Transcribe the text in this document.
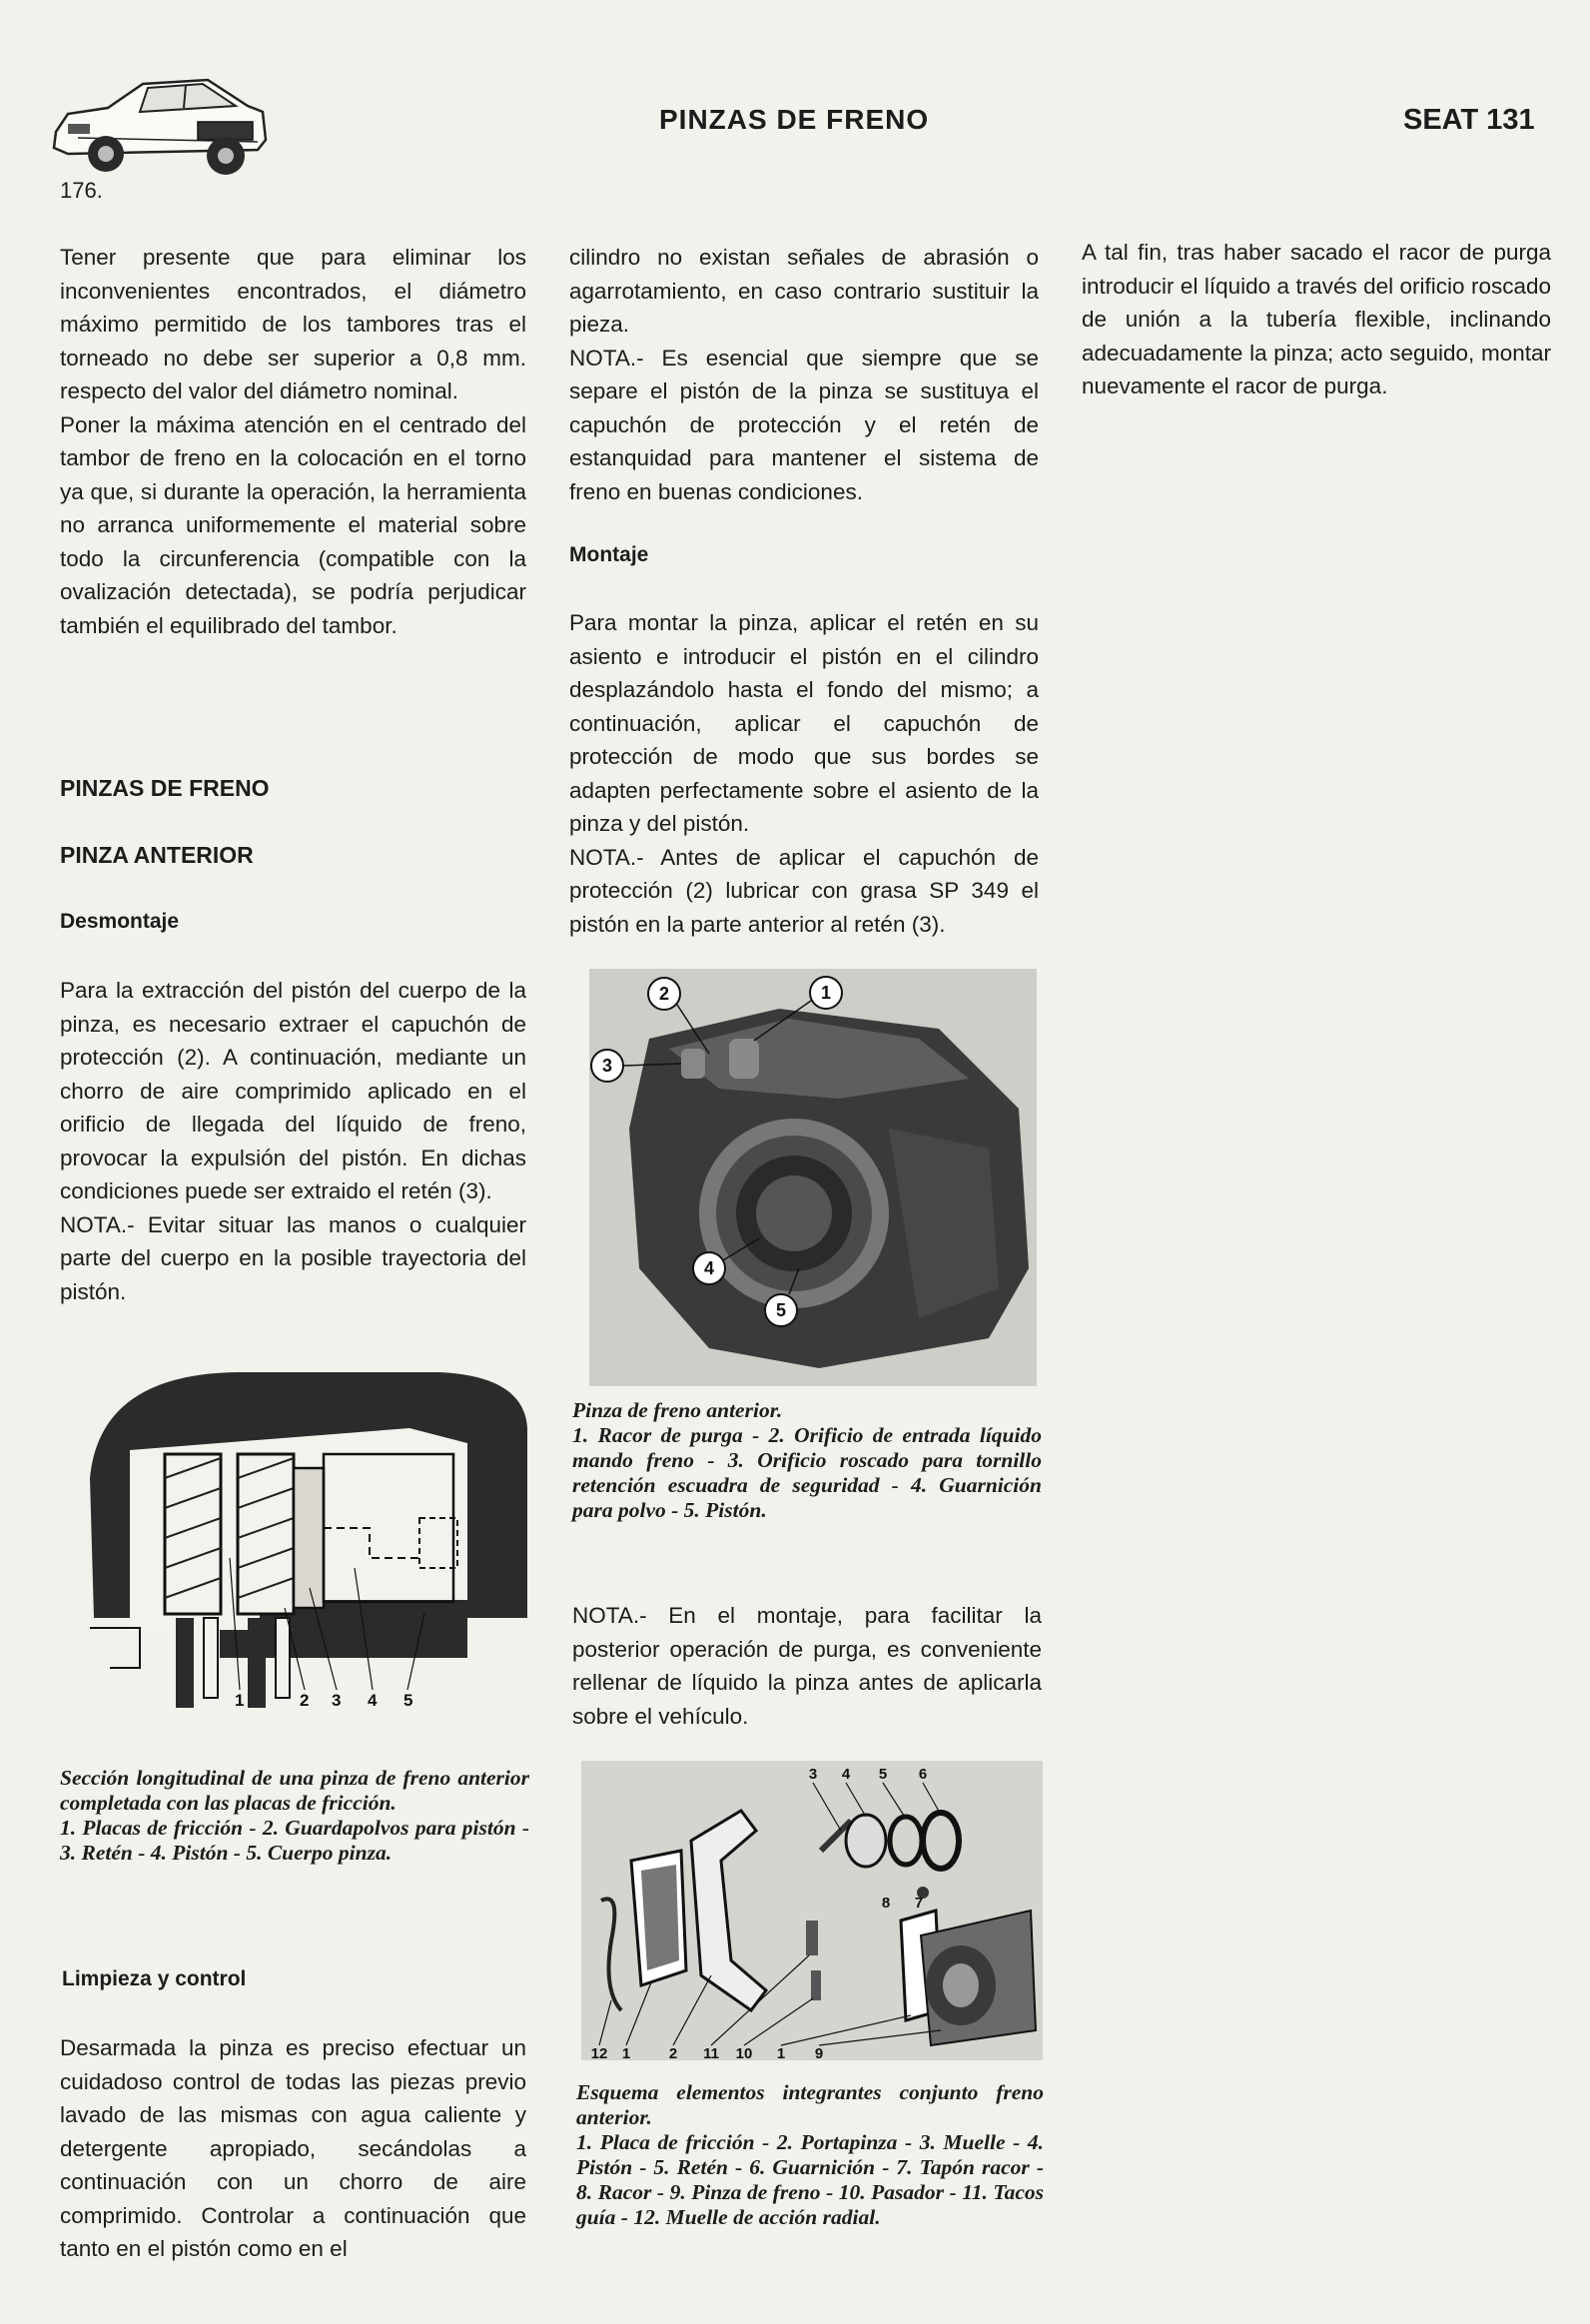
176.
PINZAS DE FRENO	SEAT 131

Tener presente que para eliminar los inconvenientes encontrados, el diámetro máximo permitido de los tambores tras el torneado no debe ser superior a 0,8 mm. respecto del valor del diámetro nominal.

Poner la máxima atención en el centrado del tambor de freno en la colocación en el torno ya que, si durante la operación, la herramienta no arranca uniformemente el material sobre todo la circunferencia (compatible con la ovalización detectada), se podría perjudicar también el equilibrado del tambor.

PINZAS DE FRENO
PINZA ANTERIOR
Desmontaje

Para la extracción del pistón del cuerpo de la pinza, es necesario extraer el capuchón de protección (2). A continuación, mediante un chorro de aire comprimido aplicado en el orificio de llegada del líquido de freno, provocar la expulsión del pistón. En dichas condiciones puede ser extraido el retén (3).

NOTA.- Evitar situar las manos o cualquier parte del cuerpo en la posible trayectoria del pistón.

1	2 3 4 5

Sección longitudinal de una pinza de freno anterior completada con las placas de fricción.

1. Placas de fricción - 2. Guardapolvos para pistón - 3. Retén - 4. Pistón - 5. Cuerpo pinza.

Limpieza y control

Desarmada la pinza es preciso efectuar un cuidadoso control de todas las piezas previo lavado de las mismas con agua caliente y detergente apropiado, secándolas a continuación con un chorro de aire comprimido. Controlar a continuación que tanto en el pistón como en el

cilindro no existan señales de abrasión o agarrotamiento, en caso contrario sustituir la pieza.

NOTA.- Es esencial que siempre que se separe el pistón de la pinza se sustituya el capuchón de protección y el retén de estanquidad para mantener el sistema de freno en buenas condiciones.

Montaje

Para montar la pinza, aplicar el retén en su asiento e introducir el pistón en el cilindro desplazándolo hasta el fondo del mismo; a continuación, aplicar el capuchón de protección de modo que sus bordes se adapten perfectamente sobre el asiento de la pinza y del pistón.

NOTA.- Antes de aplicar el capuchón de protección (2) lubricar con grasa SP 349 el pistón en la parte anterior al retén (3).

2	1
3
4
5

Pinza de freno anterior.

1. Racor de purga - 2. Orificio de entrada líquido mando freno - 3. Orificio roscado para tornillo retención escuadra de seguridad - 4. Guarnición para polvo - 5. Pistón.

NOTA.- En el montaje, para facilitar la posterior operación de purga, es conveniente rellenar de líquido la pinza antes de aplicarla sobre el vehículo.

3 4 5 6
8 7
12 1	2 11 10 1 9

Esquema elementos integrantes conjunto freno anterior.

1. Placa de fricción - 2. Portapinza - 3. Muelle - 4. Pistón - 5. Retén - 6. Guarnición - 7. Tapón racor - 8. Racor - 9. Pinza de freno - 10. Pasador - 11. Tacos guía - 12. Muelle de acción radial.

A tal fin, tras haber sacado el racor de purga introducir el líquido a través del orificio roscado de unión a la tubería flexible, inclinando adecuadamente la pinza; acto seguido, montar nuevamente el racor de purga.
